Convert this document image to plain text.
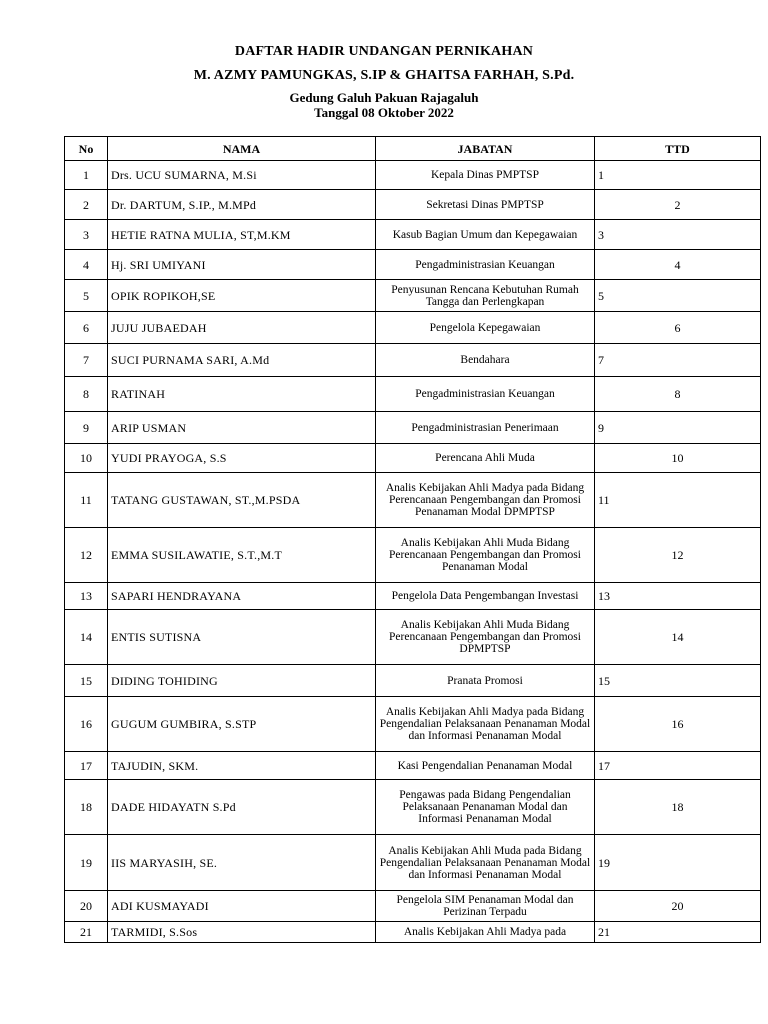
DAFTAR HADIR UNDANGAN PERNIKAHAN
M. AZMY PAMUNGKAS, S.IP & GHAITSA FARHAH, S.Pd.
Gedung Galuh Pakuan Rajagaluh
Tanggal 08 Oktober 2022
No	NAMA	JABATAN	TTD
1	Drs. UCU SUMARNA, M.Si	Kepala Dinas PMPTSP	1
2	Dr. DARTUM, S.IP., M.MPd	Sekretasi Dinas PMPTSP	2
3	HETIE RATNA MULIA, ST,M.KM	Kasub Bagian Umum dan Kepegawaian	3
4	Hj. SRI UMIYANI	Pengadministrasian Keuangan	4
5	OPIK ROPIKOH,SE	Penyusunan Rencana Kebutuhan Rumah Tangga dan Perlengkapan	5
6	JUJU JUBAEDAH	Pengelola Kepegawaian	6
7	SUCI PURNAMA SARI, A.Md	Bendahara	7
8	RATINAH	Pengadministrasian Keuangan	8
9	ARIP USMAN	Pengadministrasian Penerimaan	9
10	YUDI PRAYOGA, S.S	Perencana Ahli Muda	10
11	TATANG GUSTAWAN, ST.,M.PSDA	Analis Kebijakan Ahli Madya pada Bidang Perencanaan Pengembangan dan Promosi Penanaman Modal DPMPTSP	11
12	EMMA SUSILAWATIE, S.T.,M.T	Analis Kebijakan Ahli Muda Bidang Perencanaan Pengembangan dan Promosi Penanaman Modal	12
13	SAPARI HENDRAYANA	Pengelola Data Pengembangan Investasi	13
14	ENTIS SUTISNA	Analis Kebijakan Ahli Muda Bidang Perencanaan Pengembangan dan Promosi DPMPTSP	14
15	DIDING TOHIDING	Pranata Promosi	15
16	GUGUM GUMBIRA, S.STP	Analis Kebijakan Ahli Madya pada Bidang Pengendalian Pelaksanaan Penanaman Modal dan Informasi Penanaman Modal	16
17	TAJUDIN, SKM.	Kasi Pengendalian Penanaman Modal	17
18	DADE HIDAYATN S.Pd	Pengawas pada Bidang Pengendalian Pelaksanaan Penanaman Modal dan Informasi Penanaman Modal	18
19	IIS MARYASIH, SE.	Analis Kebijakan Ahli Muda pada Bidang Pengendalian Pelaksanaan Penanaman Modal dan Informasi Penanaman Modal	19
20	ADI KUSMAYADI	Pengelola SIM Penanaman Modal dan Perizinan Terpadu	20
21	TARMIDI, S.Sos	Analis Kebijakan Ahli Madya pada	21
